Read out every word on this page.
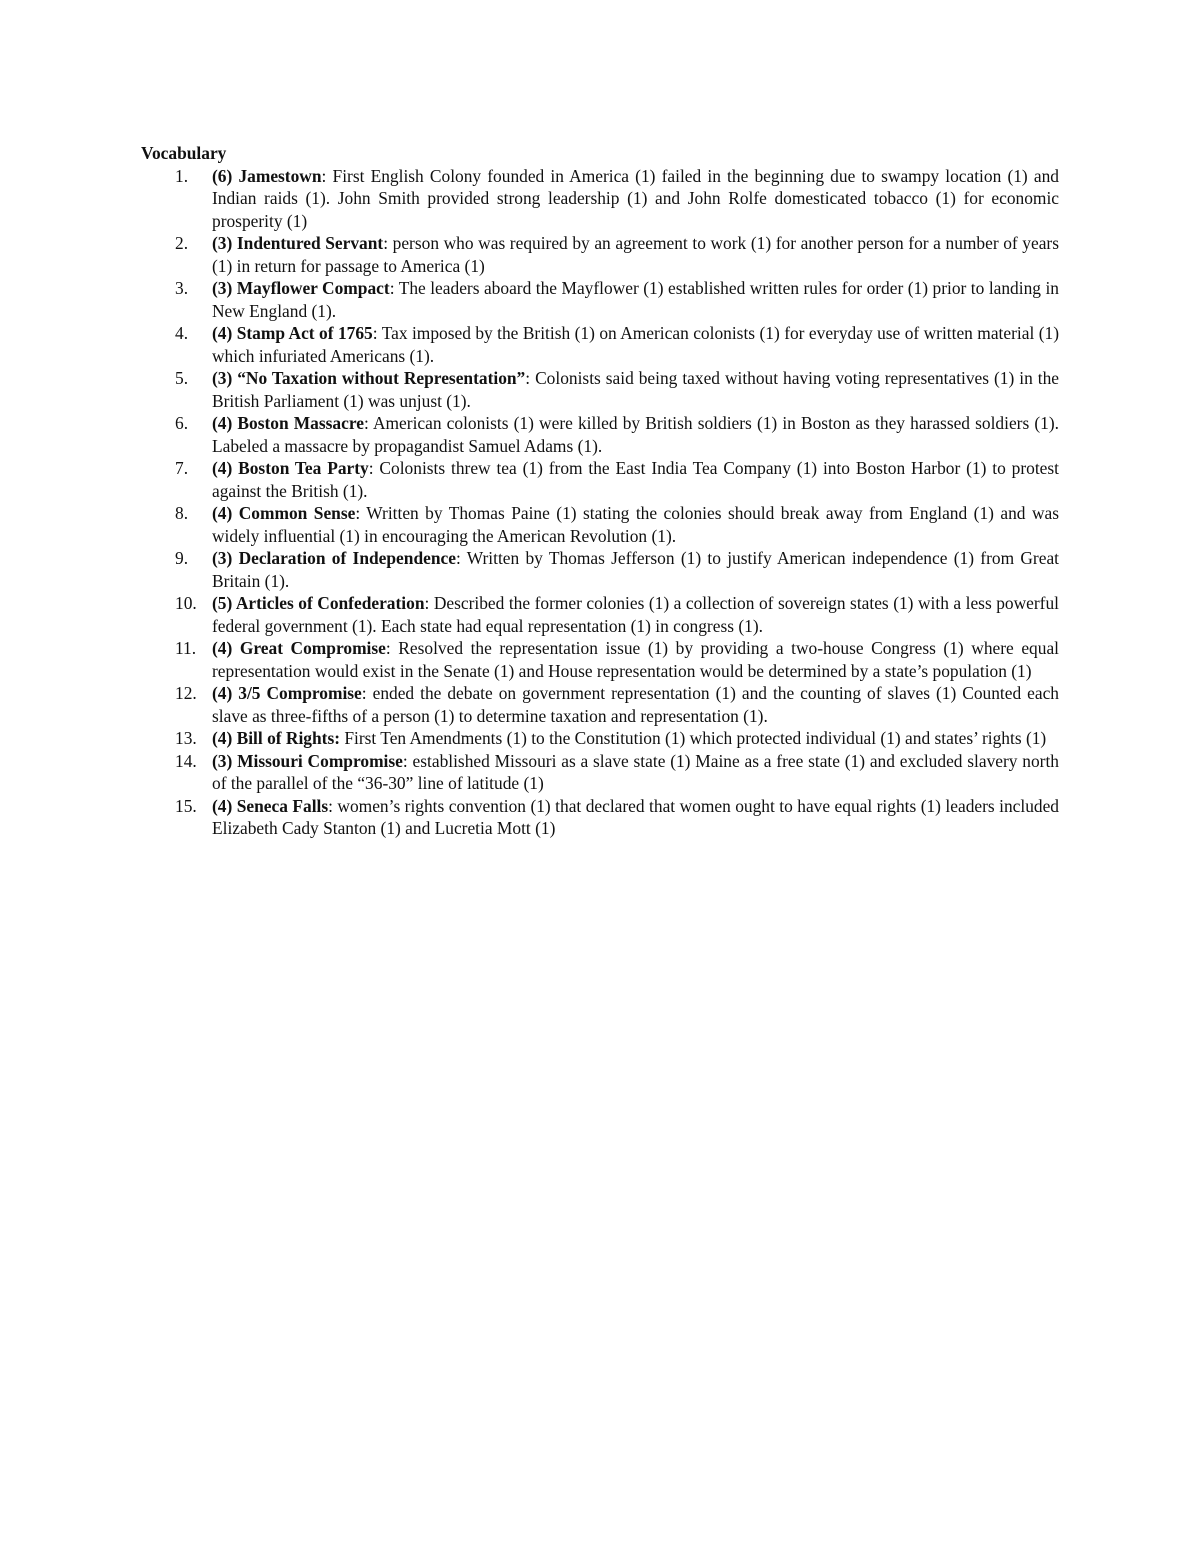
Vocabulary
1. (6) Jamestown: First English Colony founded in America (1) failed in the beginning due to swampy location (1) and Indian raids (1). John Smith provided strong leadership (1) and John Rolfe domesticated tobacco (1) for economic prosperity (1)
2. (3) Indentured Servant: person who was required by an agreement to work (1) for another person for a number of years (1) in return for passage to America (1)
3. (3) Mayflower Compact: The leaders aboard the Mayflower (1) established written rules for order (1) prior to landing in New England (1).
4. (4) Stamp Act of 1765: Tax imposed by the British (1) on American colonists (1) for everyday use of written material (1) which infuriated Americans (1).
5. (3) “No Taxation without Representation”: Colonists said being taxed without having voting representatives (1) in the British Parliament (1) was unjust (1).
6. (4) Boston Massacre: American colonists (1) were killed by British soldiers (1) in Boston as they harassed soldiers (1). Labeled a massacre by propagandist Samuel Adams (1).
7. (4) Boston Tea Party: Colonists threw tea (1) from the East India Tea Company (1) into Boston Harbor (1) to protest against the British (1).
8. (4) Common Sense: Written by Thomas Paine (1) stating the colonies should break away from England (1) and was widely influential (1) in encouraging the American Revolution (1).
9. (3) Declaration of Independence: Written by Thomas Jefferson (1) to justify American independence (1) from Great Britain (1).
10. (5) Articles of Confederation: Described the former colonies (1) a collection of sovereign states (1) with a less powerful federal government (1). Each state had equal representation (1) in congress (1).
11. (4) Great Compromise: Resolved the representation issue (1) by providing a two-house Congress (1) where equal representation would exist in the Senate (1) and House representation would be determined by a state’s population (1)
12. (4) 3/5 Compromise: ended the debate on government representation (1) and the counting of slaves (1) Counted each slave as three-fifths of a person (1) to determine taxation and representation (1).
13. (4) Bill of Rights: First Ten Amendments (1) to the Constitution (1) which protected individual (1) and states’ rights (1)
14. (3) Missouri Compromise: established Missouri as a slave state (1) Maine as a free state (1) and excluded slavery north of the parallel of the “36-30” line of latitude (1)
15. (4) Seneca Falls: women’s rights convention (1) that declared that women ought to have equal rights (1) leaders included Elizabeth Cady Stanton (1) and Lucretia Mott (1)
